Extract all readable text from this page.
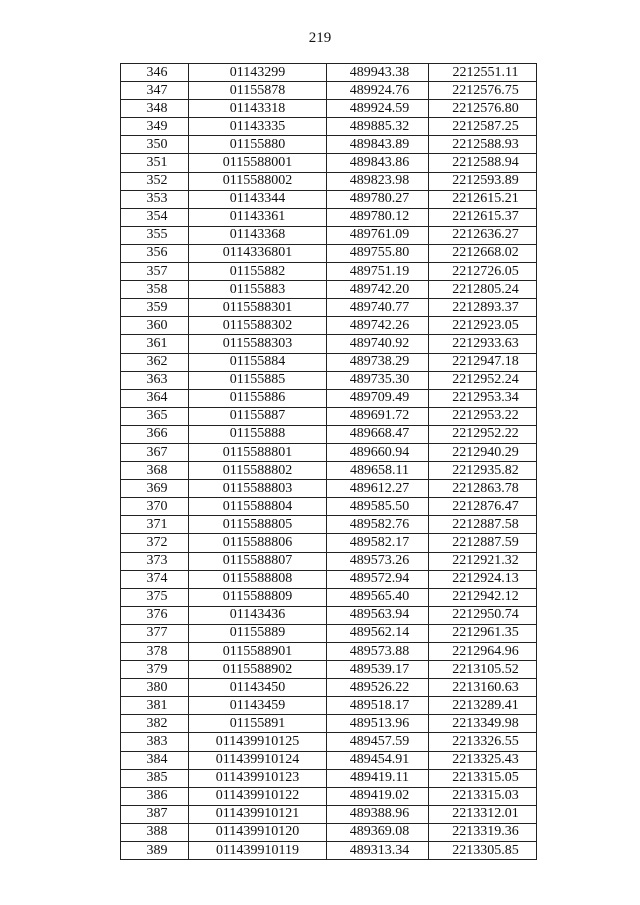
219
346	01143299	489943.38	2212551.11
347	01155878	489924.76	2212576.75
348	01143318	489924.59	2212576.80
349	01143335	489885.32	2212587.25
350	01155880	489843.89	2212588.93
351	0115588001	489843.86	2212588.94
352	0115588002	489823.98	2212593.89
353	01143344	489780.27	2212615.21
354	01143361	489780.12	2212615.37
355	01143368	489761.09	2212636.27
356	0114336801	489755.80	2212668.02
357	01155882	489751.19	2212726.05
358	01155883	489742.20	2212805.24
359	0115588301	489740.77	2212893.37
360	0115588302	489742.26	2212923.05
361	0115588303	489740.92	2212933.63
362	01155884	489738.29	2212947.18
363	01155885	489735.30	2212952.24
364	01155886	489709.49	2212953.34
365	01155887	489691.72	2212953.22
366	01155888	489668.47	2212952.22
367	0115588801	489660.94	2212940.29
368	0115588802	489658.11	2212935.82
369	0115588803	489612.27	2212863.78
370	0115588804	489585.50	2212876.47
371	0115588805	489582.76	2212887.58
372	0115588806	489582.17	2212887.59
373	0115588807	489573.26	2212921.32
374	0115588808	489572.94	2212924.13
375	0115588809	489565.40	2212942.12
376	01143436	489563.94	2212950.74
377	01155889	489562.14	2212961.35
378	0115588901	489573.88	2212964.96
379	0115588902	489539.17	2213105.52
380	01143450	489526.22	2213160.63
381	01143459	489518.17	2213289.41
382	01155891	489513.96	2213349.98
383	011439910125	489457.59	2213326.55
384	011439910124	489454.91	2213325.43
385	011439910123	489419.11	2213315.05
386	011439910122	489419.02	2213315.03
387	011439910121	489388.96	2213312.01
388	011439910120	489369.08	2213319.36
389	011439910119	489313.34	2213305.85
